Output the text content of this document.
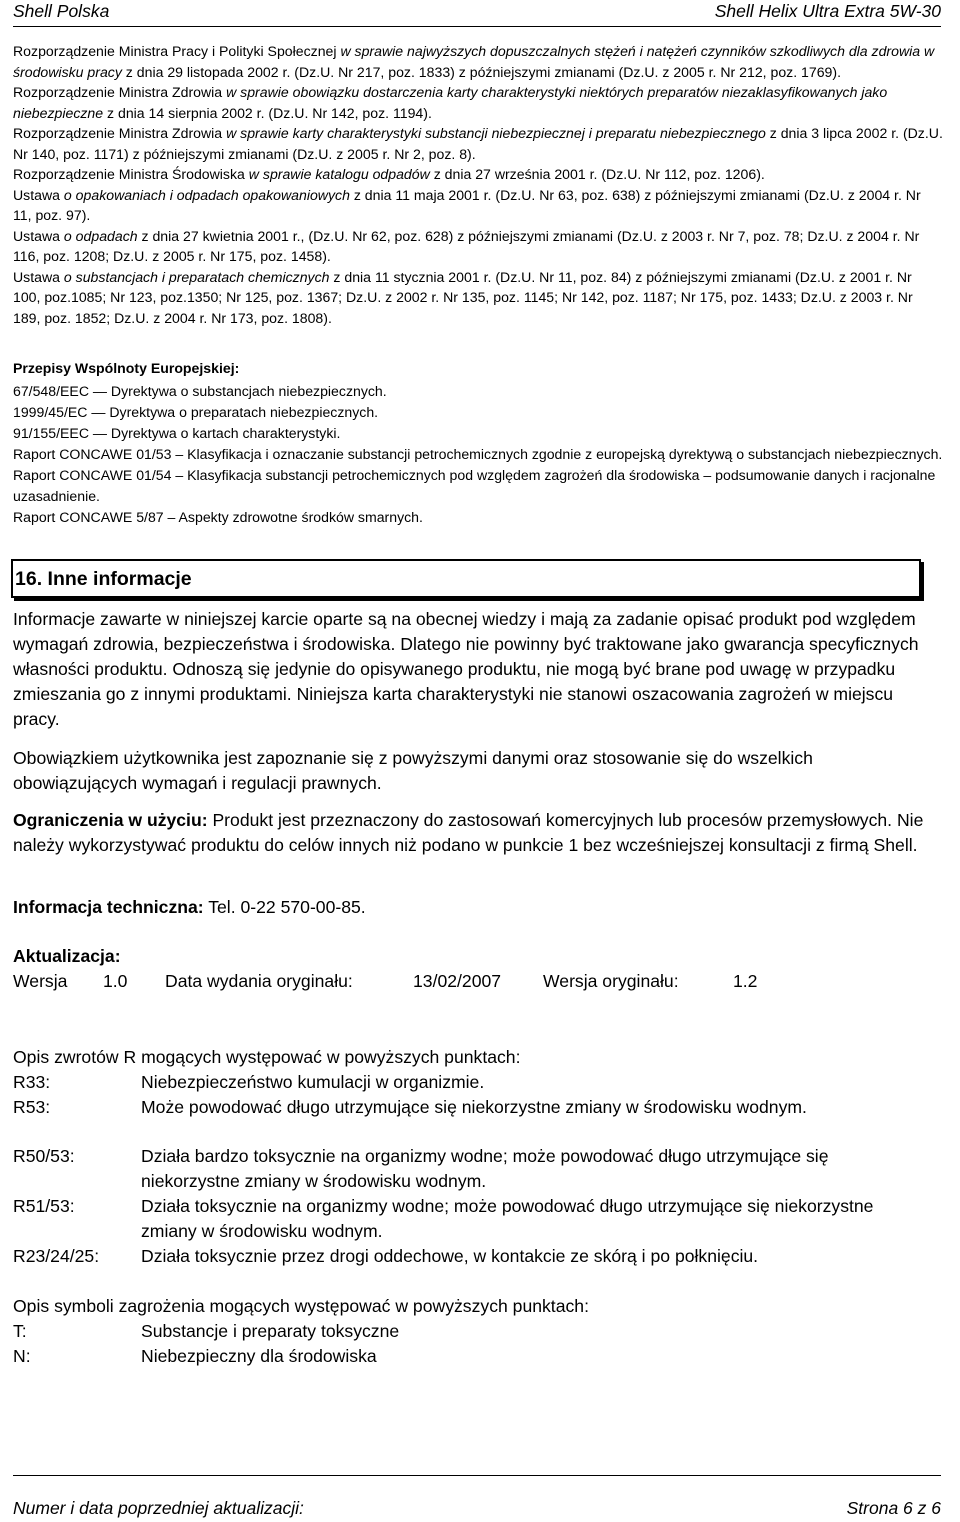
Shell Polska	Shell Helix Ultra Extra 5W-30

Rozporządzenie Ministra Pracy i Polityki Społecznej w sprawie najwyższych dopuszczalnych stężeń i natężeń czynników szkodliwych dla zdrowia w środowisku pracy z dnia 29 listopada 2002 r. (Dz.U. Nr 217, poz. 1833) z późniejszymi zmianami (Dz.U. z 2005 r. Nr 212, poz. 1769).

Rozporządzenie Ministra Zdrowia w sprawie obowiązku dostarczenia karty charakterystyki niektórych preparatów niezaklasyfikowanych jako niebezpieczne z dnia 14 sierpnia 2002 r. (Dz.U. Nr 142, poz. 1194).

Rozporządzenie Ministra Zdrowia w sprawie karty charakterystyki substancji niebezpiecznej i preparatu niebezpiecznego z dnia 3 lipca 2002 r. (Dz.U. Nr 140, poz. 1171) z późniejszymi zmianami (Dz.U. z 2005 r. Nr 2, poz. 8).

Rozporządzenie Ministra Środowiska w sprawie katalogu odpadów z dnia 27 września 2001 r. (Dz.U. Nr 112, poz. 1206).

Ustawa o opakowaniach i odpadach opakowaniowych z dnia 11 maja 2001 r. (Dz.U. Nr 63, poz. 638) z późniejszymi zmianami (Dz.U. z 2004 r. Nr 11, poz. 97).

Ustawa o odpadach z dnia 27 kwietnia 2001 r., (Dz.U. Nr 62, poz. 628) z późniejszymi zmianami (Dz.U. z 2003 r. Nr 7, poz. 78; Dz.U. z 2004 r. Nr 116, poz. 1208; Dz.U. z 2005 r. Nr 175, poz. 1458).

Ustawa o substancjach i preparatach chemicznych z dnia 11 stycznia 2001 r. (Dz.U. Nr 11, poz. 84) z późniejszymi zmianami (Dz.U. z 2001 r. Nr 100, poz.1085; Nr 123, poz.1350; Nr 125, poz. 1367; Dz.U. z 2002 r. Nr 135, poz. 1145; Nr 142, poz. 1187; Nr 175, poz. 1433; Dz.U. z 2003 r. Nr 189, poz. 1852; Dz.U. z 2004 r. Nr 173, poz. 1808).

Przepisy Wspólnoty Europejskiej:

67/548/EEC — Dyrektywa o substancjach niebezpiecznych.

1999/45/EC — Dyrektywa o preparatach niebezpiecznych.

91/155/EEC — Dyrektywa o kartach charakterystyki.

Raport CONCAWE 01/53 – Klasyfikacja i oznaczanie substancji petrochemicznych zgodnie z europejską dyrektywą o substancjach niebezpiecznych.

Raport CONCAWE 01/54 – Klasyfikacja substancji petrochemicznych pod względem zagrożeń dla środowiska – podsumowanie danych i racjonalne uzasadnienie.

Raport CONCAWE 5/87 – Aspekty zdrowotne środków smarnych.

16. Inne informacje

Informacje zawarte w niniejszej karcie oparte są na obecnej wiedzy i mają za zadanie opisać produkt pod względem wymagań zdrowia, bezpieczeństwa i środowiska. Dlatego nie powinny być traktowane jako gwarancja specyficznych własności produktu. Odnoszą się jedynie do opisywanego produktu, nie mogą być brane pod uwagę w przypadku zmieszania go z innymi produktami. Niniejsza karta charakterystyki nie stanowi oszacowania zagrożeń w miejscu pracy.

Obowiązkiem użytkownika jest zapoznanie się z powyższymi danymi oraz stosowanie się do wszelkich obowiązujących wymagań i regulacji prawnych.

Ograniczenia w użyciu: Produkt jest przeznaczony do zastosowań komercyjnych lub procesów przemysłowych. Nie należy wykorzystywać produktu do celów innych niż podano w punkcie 1 bez wcześniejszej konsultacji z firmą Shell.

Informacja techniczna: Tel. 0-22 570-00-85.

Aktualizacja:

Wersja

1.0

Data wydania oryginału:

	13/02/2007

Wersja oryginału:

	1.2

Opis zwrotów R mogących występować w powyższych punktach:
R33:	Niebezpieczeństwo kumulacji w organizmie.
R53:	Może powodować długo utrzymujące się niekorzystne zmiany w środowisku wodnym.
R50/53:	Działa bardzo toksycznie na organizmy wodne; może powodować długo utrzymujące się niekorzystne zmiany w środowisku wodnym.
R51/53:	Działa toksycznie na organizmy wodne; może powodować długo utrzymujące się niekorzystne zmiany w środowisku wodnym.
R23/24/25: Działa toksycznie przez drogi oddechowe, w kontakcie ze skórą i po połknięciu.
Opis symboli zagrożenia mogących występować w powyższych punktach:
T:	Substancje i preparaty toksyczne
N:	Niebezpieczny dla środowiska
Numer i data poprzedniej aktualizacji:	Strona 6 z 6
